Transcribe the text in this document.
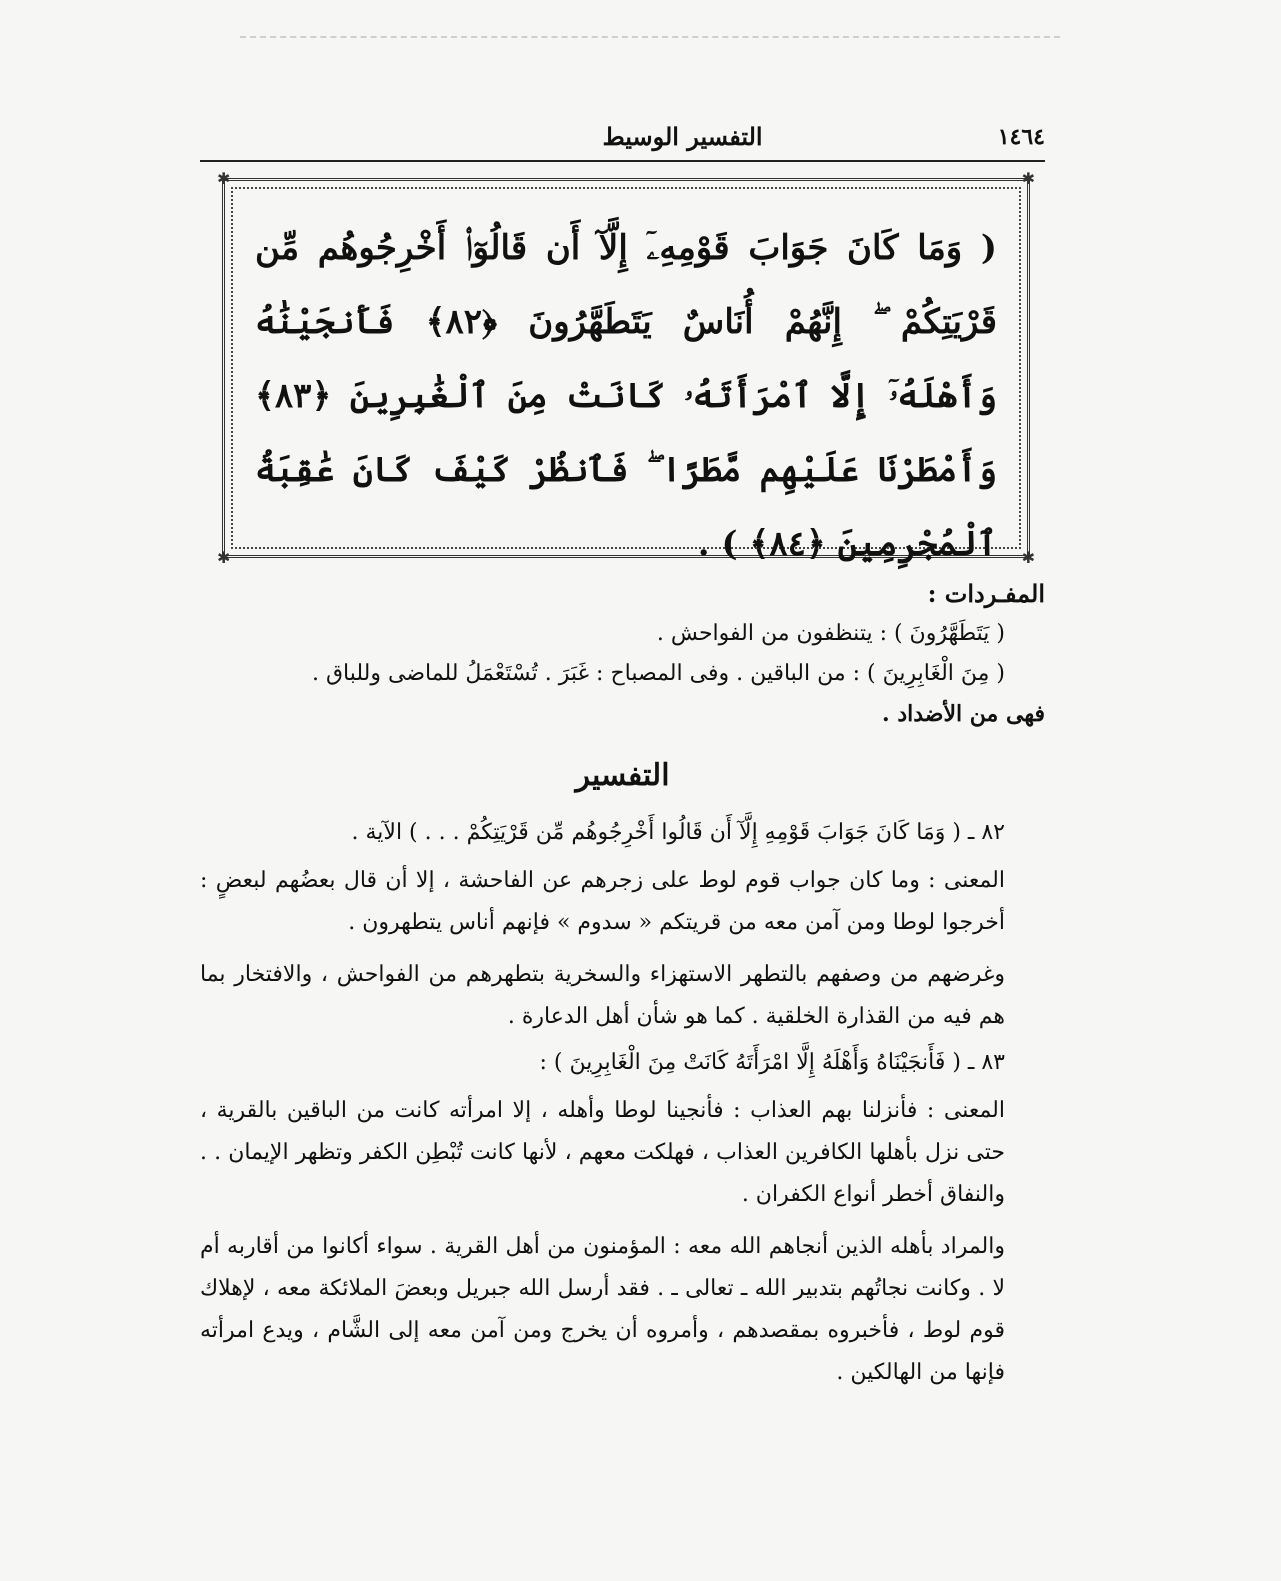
١٤٦٤
التفسير الوسيط
✱	✱
✱	✱
( وَمَا كَانَ جَوَابَ قَوْمِهِۦٓ إِلَّآ أَن قَالُوٓا۟ أَخْرِجُوهُم مِّن قَرْيَتِكُمْ ۖ إِنَّهُمْ أُنَاسٌ يَتَطَهَّرُونَ ﴿٨٢﴾ فَأَنجَيْنَٰهُ وَأَهْلَهُۥٓ إِلَّا ٱمْرَأَتَهُۥ كَانَتْ مِنَ ٱلْغَٰبِرِينَ ﴿٨٣﴾ وَأَمْطَرْنَا عَلَيْهِم مَّطَرًا ۖ فَٱنظُرْ كَيْفَ كَانَ عَٰقِبَةُ ٱلْمُجْرِمِينَ ﴿٨٤﴾ ) .

المفـردات :

( يَتَطَهَّرُونَ ) : يتنظفون من الفواحش .

( مِنَ الْغَابِرِينَ ) : من الباقين . وفى المصباح : غَبَرَ . تُسْتَعْمَلُ للماضى وللباق .

فهى من الأضداد .

التفسير

٨٢ ـ ( وَمَا كَانَ جَوَابَ قَوْمِهِ إِلَّآ أَن قَالُوا أَخْرِجُوهُم مِّن قَرْيَتِكُمْ . . . ) الآية .

المعنى : وما كان جواب قوم لوط على زجرهم عن الفاحشة ، إلا أن قال بعضُهم لبعضٍ : أخرجوا لوطا ومن آمن معه من قريتكم « سدوم » فإنهم أناس يتطهرون .

وغرضهم من وصفهم بالتطهر الاستهزاء والسخرية بتطهرهم من الفواحش ، والافتخار بما هم فيه من القذارة الخلقية . كما هو شأن أهل الدعارة .

٨٣ ـ ( فَأَنجَيْنَاهُ وَأَهْلَهُ إِلَّا امْرَأَتَهُ كَانَتْ مِنَ الْغَابِرِينَ ) :

المعنى : فأنزلنا بهم العذاب : فأنجينا لوطا وأهله ، إلا امرأته كانت من الباقين بالقرية ، حتى نزل بأهلها الكافرين العذاب ، فهلكت معهم ، لأنها كانت تُبْطِن الكفر وتظهر الإيمان . . والنفاق أخطر أنواع الكفران .

والمراد بأهله الذين أنجاهم الله معه : المؤمنون من أهل القرية . سواء أكانوا من أقاربه أم لا . وكانت نجاتُهم بتدبير الله ـ تعالى ـ . فقد أرسل الله جبريل وبعضَ الملائكة معه ، لإهلاك قوم لوط ، فأخبروه بمقصدهم ، وأمروه أن يخرج ومن آمن معه إلى الشَّام ، ويدع امرأته فإنها من الهالكين .
